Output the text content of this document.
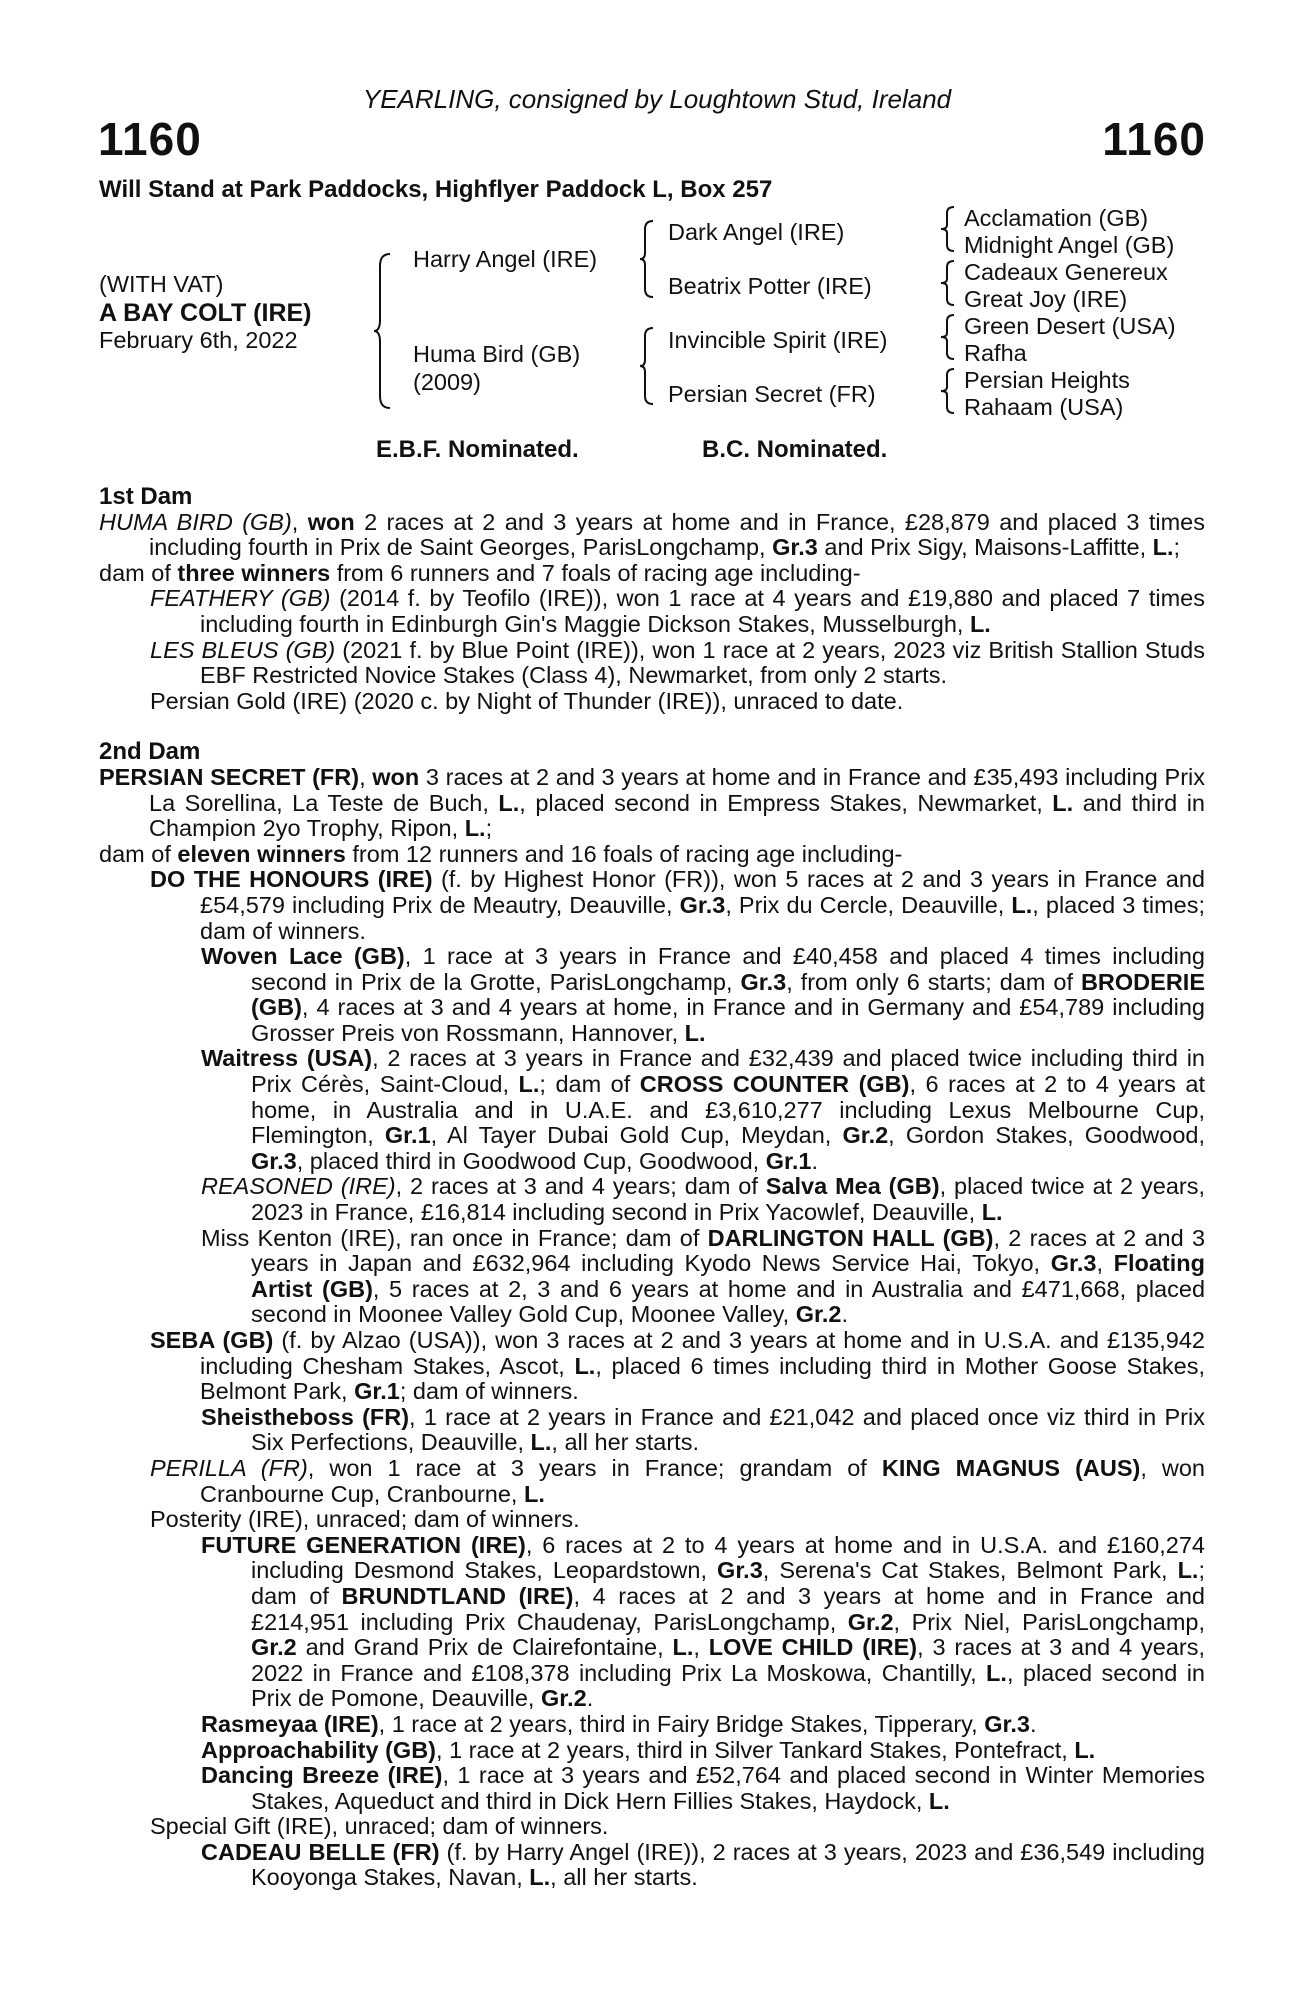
YEARLING, consigned by Loughtown Stud, Ireland
1160	1160
Will Stand at Park Paddocks, Highflyer Paddock L, Box 257
(WITH VAT)
A BAY COLT (IRE)
February 6th, 2022
Harry Angel (IRE)
Huma Bird (GB)
(2009)
Dark Angel (IRE)
Beatrix Potter (IRE)
Invincible Spirit (IRE)
Persian Secret (FR)
Acclamation (GB)
Midnight Angel (GB)
Cadeaux Genereux
Great Joy (IRE)
Green Desert (USA)
Rafha
Persian Heights
Rahaam (USA)
E.B.F. Nominated.	B.C. Nominated.
1st Dam

HUMA BIRD (GB), won 2 races at 2 and 3 years at home and in France, £28,879 and placed 3 times including fourth in Prix de Saint Georges, ParisLongchamp, Gr.3 and Prix Sigy, Maisons-Laffitte, L.;

dam of three winners from 6 runners and 7 foals of racing age including-

FEATHERY (GB) (2014 f. by Teofilo (IRE)), won 1 race at 4 years and £19,880 and placed 7 times including fourth in Edinburgh Gin's Maggie Dickson Stakes, Musselburgh, L.

LES BLEUS (GB) (2021 f. by Blue Point (IRE)), won 1 race at 2 years, 2023 viz British Stallion Studs EBF Restricted Novice Stakes (Class 4), Newmarket, from only 2 starts.

Persian Gold (IRE) (2020 c. by Night of Thunder (IRE)), unraced to date.

2nd Dam

PERSIAN SECRET (FR), won 3 races at 2 and 3 years at home and in France and £35,493 including Prix La Sorellina, La Teste de Buch, L., placed second in Empress Stakes, Newmarket, L. and third in Champion 2yo Trophy, Ripon, L.;

dam of eleven winners from 12 runners and 16 foals of racing age including-

DO THE HONOURS (IRE) (f. by Highest Honor (FR)), won 5 races at 2 and 3 years in France and £54,579 including Prix de Meautry, Deauville, Gr.3, Prix du Cercle, Deauville, L., placed 3 times; dam of winners.

Woven Lace (GB), 1 race at 3 years in France and £40,458 and placed 4 times including second in Prix de la Grotte, ParisLongchamp, Gr.3, from only 6 starts; dam of BRODERIE (GB), 4 races at 3 and 4 years at home, in France and in Germany and £54,789 including Grosser Preis von Rossmann, Hannover, L.

Waitress (USA), 2 races at 3 years in France and £32,439 and placed twice including third in Prix Cérès, Saint-Cloud, L.; dam of CROSS COUNTER (GB), 6 races at 2 to 4 years at home, in Australia and in U.A.E. and £3,610,277 including Lexus Melbourne Cup, Flemington, Gr.1, Al Tayer Dubai Gold Cup, Meydan, Gr.2, Gordon Stakes, Goodwood, Gr.3, placed third in Goodwood Cup, Goodwood, Gr.1.

REASONED (IRE), 2 races at 3 and 4 years; dam of Salva Mea (GB), placed twice at 2 years, 2023 in France, £16,814 including second in Prix Yacowlef, Deauville, L.

Miss Kenton (IRE), ran once in France; dam of DARLINGTON HALL (GB), 2 races at 2 and 3 years in Japan and £632,964 including Kyodo News Service Hai, Tokyo, Gr.3, Floating Artist (GB), 5 races at 2, 3 and 6 years at home and in Australia and £471,668, placed second in Moonee Valley Gold Cup, Moonee Valley, Gr.2.

SEBA (GB) (f. by Alzao (USA)), won 3 races at 2 and 3 years at home and in U.S.A. and £135,942 including Chesham Stakes, Ascot, L., placed 6 times including third in Mother Goose Stakes, Belmont Park, Gr.1; dam of winners.

Sheistheboss (FR), 1 race at 2 years in France and £21,042 and placed once viz third in Prix Six Perfections, Deauville, L., all her starts.

PERILLA (FR), won 1 race at 3 years in France; grandam of KING MAGNUS (AUS), won Cranbourne Cup, Cranbourne, L.

Posterity (IRE), unraced; dam of winners.

FUTURE GENERATION (IRE), 6 races at 2 to 4 years at home and in U.S.A. and £160,274 including Desmond Stakes, Leopardstown, Gr.3, Serena's Cat Stakes, Belmont Park, L.; dam of BRUNDTLAND (IRE), 4 races at 2 and 3 years at home and in France and £214,951 including Prix Chaudenay, ParisLongchamp, Gr.2, Prix Niel, ParisLongchamp, Gr.2 and Grand Prix de Clairefontaine, L., LOVE CHILD (IRE), 3 races at 3 and 4 years, 2022 in France and £108,378 including Prix La Moskowa, Chantilly, L., placed second in Prix de Pomone, Deauville, Gr.2.

Rasmeyaa (IRE), 1 race at 2 years, third in Fairy Bridge Stakes, Tipperary, Gr.3.

Approachability (GB), 1 race at 2 years, third in Silver Tankard Stakes, Pontefract, L.

Dancing Breeze (IRE), 1 race at 3 years and £52,764 and placed second in Winter Memories Stakes, Aqueduct and third in Dick Hern Fillies Stakes, Haydock, L.

Special Gift (IRE), unraced; dam of winners.

CADEAU BELLE (FR) (f. by Harry Angel (IRE)), 2 races at 3 years, 2023 and £36,549 including Kooyonga Stakes, Navan, L., all her starts.
